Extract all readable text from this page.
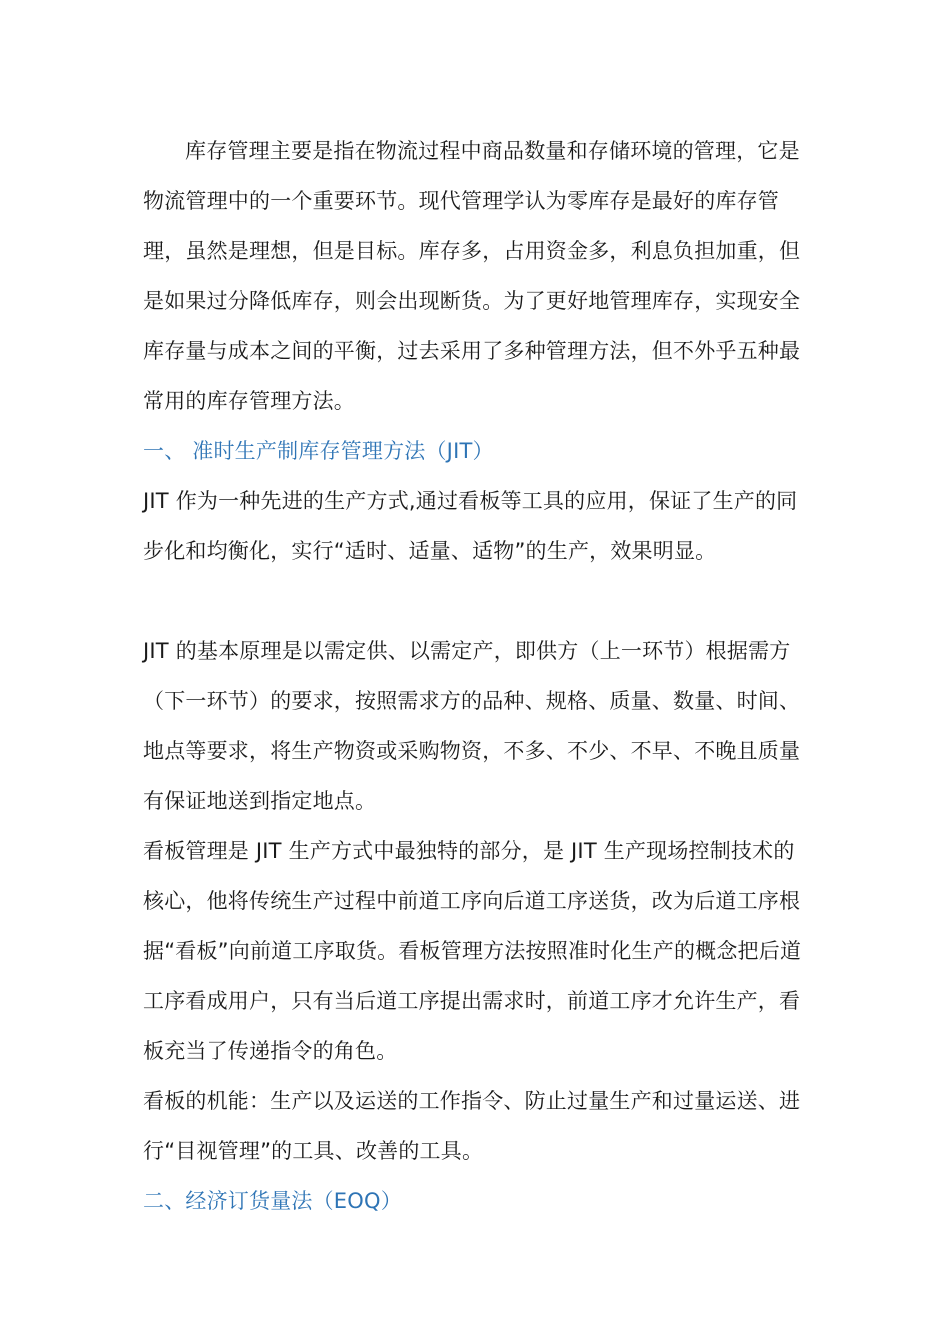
库存管理主要是指在物流过程中商品数量和存储环境的管理，它是物流管理中的一个重要环节。现代管理学认为零库存是最好的库存管理，虽然是理想，但是目标。库存多，占用资金多，利息负担加重，但是如果过分降低库存，则会出现断货。为了更好地管理库存，实现安全库存量与成本之间的平衡，过去采用了多种管理方法，但不外乎五种最常用的库存管理方法。

一、 准时生产制库存管理方法（JIT）

JIT 作为一种先进的生产方式,通过看板等工具的应用，保证了生产的同步化和均衡化，实行“适时、适量、适物”的生产，效果明显。

JIT 的基本原理是以需定供、以需定产，即供方（上一环节）根据需方（下一环节）的要求，按照需求方的品种、规格、质量、数量、时间、地点等要求，将生产物资或采购物资，不多、不少、不早、不晚且质量有保证地送到指定地点。

看板管理是 JIT 生产方式中最独特的部分，是 JIT 生产现场控制技术的核心，他将传统生产过程中前道工序向后道工序送货，改为后道工序根据“看板”向前道工序取货。看板管理方法按照准时化生产的概念把后道工序看成用户，只有当后道工序提出需求时，前道工序才允许生产，看板充当了传递指令的角色。

看板的机能：生产以及运送的工作指令、防止过量生产和过量运送、进行“目视管理”的工具、改善的工具。

二、经济订货量法（EOQ）
